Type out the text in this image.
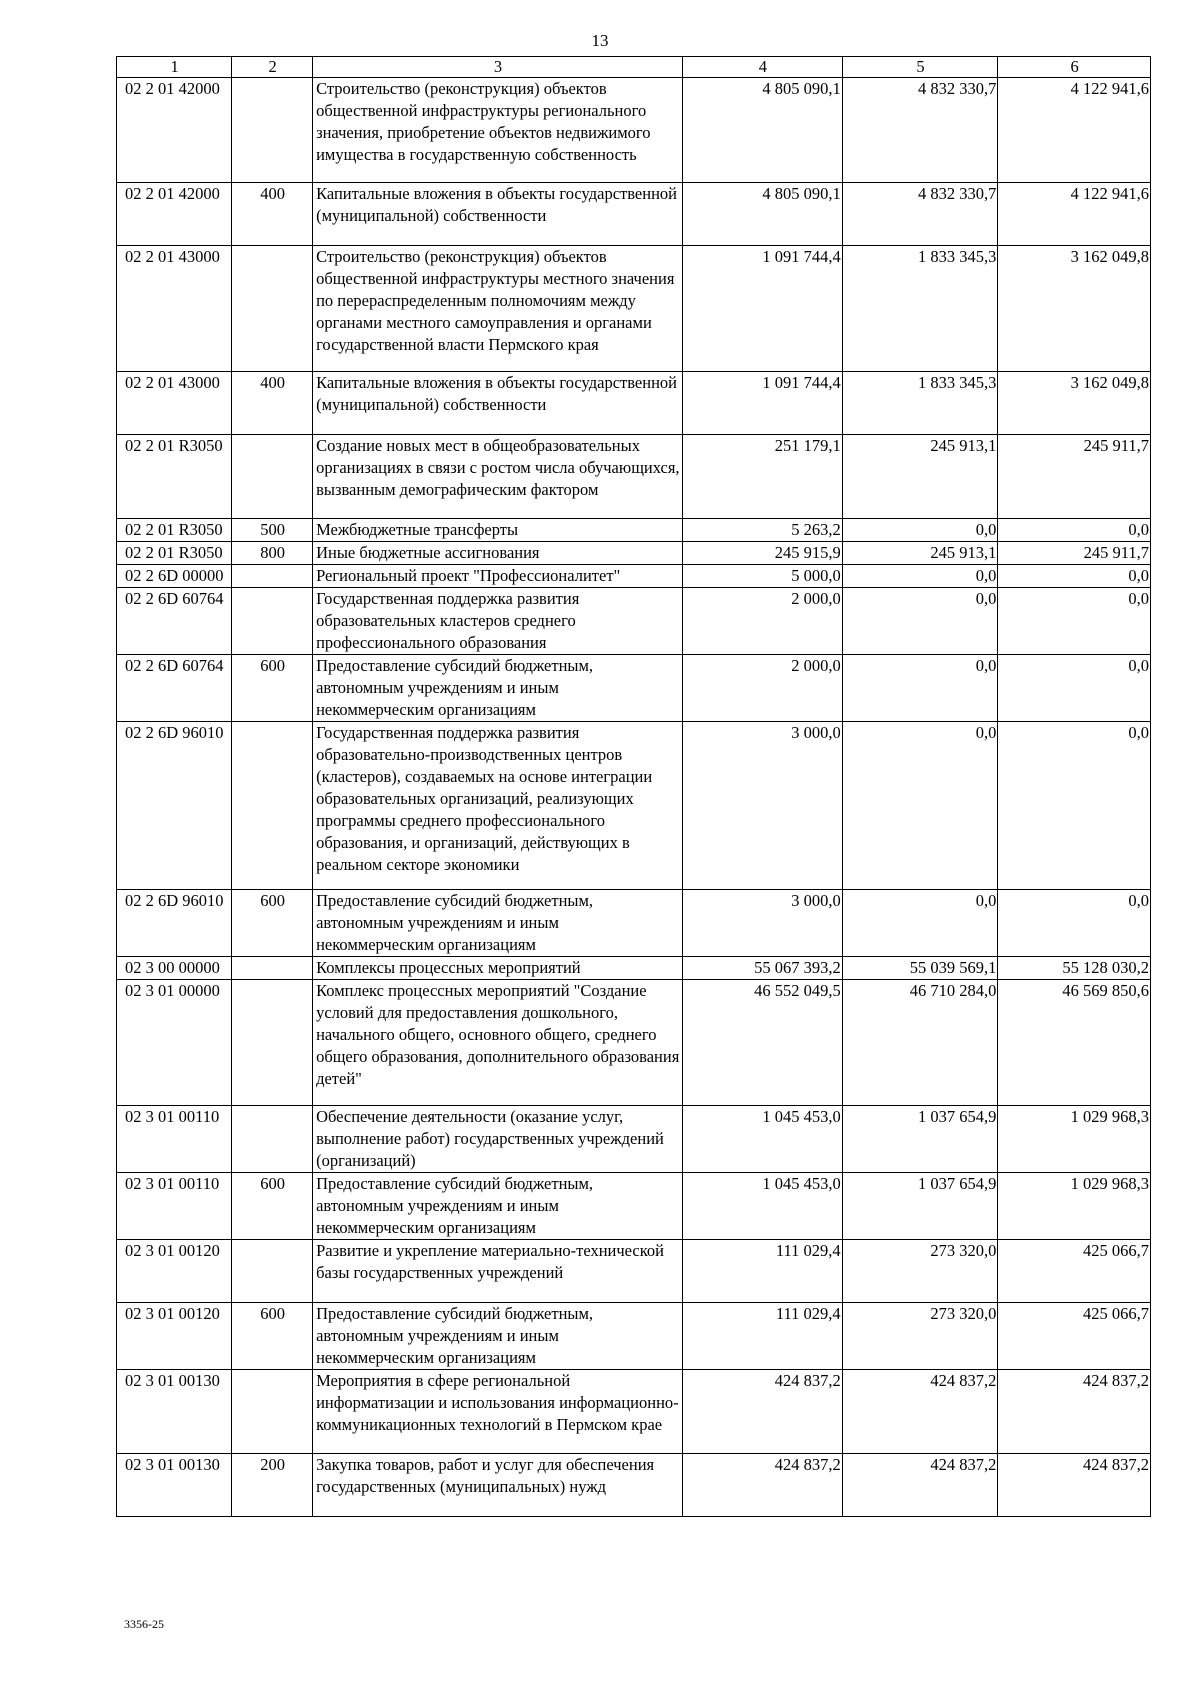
13
1	2	3	4	5	6
02 2 01 42000		Строительство (реконструкция) объектов общественной инфраструктуры регионального значения, приобретение объектов недвижимого имущества в государственную собственность	4 805 090,1	4 832 330,7	4 122 941,6
02 2 01 42000	400	Капитальные вложения в объекты государственной (муниципальной) собственности	4 805 090,1	4 832 330,7	4 122 941,6
02 2 01 43000		Строительство (реконструкция) объектов общественной инфраструктуры местного значения по перераспределенным полномочиям между органами местного самоуправления и органами государственной власти Пермского края	1 091 744,4	1 833 345,3	3 162 049,8
02 2 01 43000	400	Капитальные вложения в объекты государственной (муниципальной) собственности	1 091 744,4	1 833 345,3	3 162 049,8
02 2 01 R3050		Создание новых мест в общеобразовательных организациях в связи с ростом числа обучающихся, вызванным демографическим фактором	251 179,1	245 913,1	245 911,7
02 2 01 R3050	500	Межбюджетные трансферты	5 263,2	0,0	0,0
02 2 01 R3050	800	Иные бюджетные ассигнования	245 915,9	245 913,1	245 911,7
02 2 6D 00000		Региональный проект "Профессионалитет"	5 000,0	0,0	0,0
02 2 6D 60764		Государственная поддержка развития образовательных кластеров среднего профессионального образования	2 000,0	0,0	0,0
02 2 6D 60764	600	Предоставление субсидий бюджетным, автономным учреждениям и иным некоммерческим организациям	2 000,0	0,0	0,0
02 2 6D 96010		Государственная поддержка развития образовательно-производственных центров (кластеров), создаваемых на основе интеграции образовательных организаций, реализующих программы среднего профессионального образования, и организаций, действующих в реальном секторе экономики	3 000,0	0,0	0,0
02 2 6D 96010	600	Предоставление субсидий бюджетным, автономным учреждениям и иным некоммерческим организациям	3 000,0	0,0	0,0
02 3 00 00000		Комплексы процессных мероприятий	55 067 393,2	55 039 569,1	55 128 030,2
02 3 01 00000		Комплекс процессных мероприятий "Создание условий для предоставления дошкольного, начального общего, основного общего, среднего общего образования, дополнительного образования детей"	46 552 049,5	46 710 284,0	46 569 850,6
02 3 01 00110		Обеспечение деятельности (оказание услуг, выполнение работ) государственных учреждений (организаций)	1 045 453,0	1 037 654,9	1 029 968,3
02 3 01 00110	600	Предоставление субсидий бюджетным, автономным учреждениям и иным некоммерческим организациям	1 045 453,0	1 037 654,9	1 029 968,3
02 3 01 00120		Развитие и укрепление материально-технической базы государственных учреждений	111 029,4	273 320,0	425 066,7
02 3 01 00120	600	Предоставление субсидий бюджетным, автономным учреждениям и иным некоммерческим организациям	111 029,4	273 320,0	425 066,7
02 3 01 00130		Мероприятия в сфере региональной информатизации и использования информационно-коммуникационных технологий в Пермском крае	424 837,2	424 837,2	424 837,2
02 3 01 00130	200	Закупка товаров, работ и услуг для обеспечения государственных (муниципальных) нужд	424 837,2	424 837,2	424 837,2
3356-25
